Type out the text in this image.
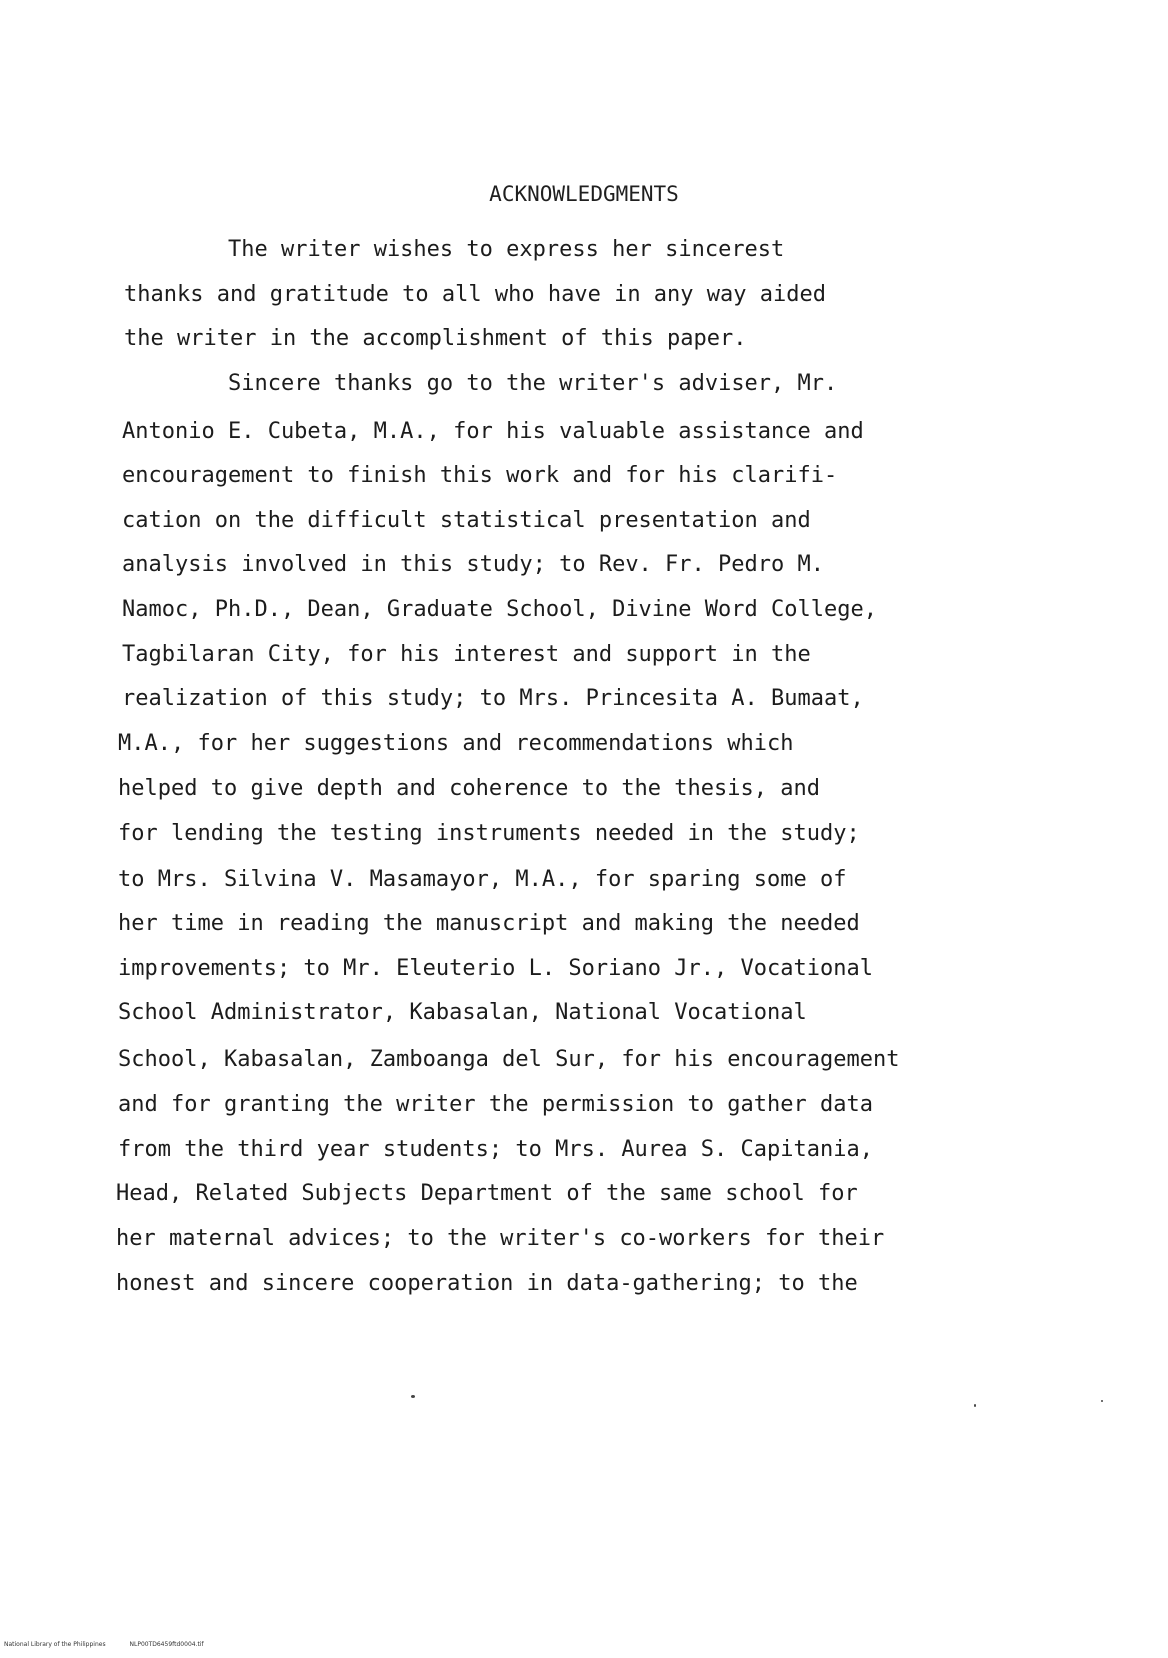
ACKNOWLEDGMENTS
The writer wishes to express her sincerest
thanks and gratitude to all who have in any way aided
the writer in the accomplishment of this paper.
Sincere thanks go to the writer's adviser, Mr.
Antonio E. Cubeta, M.A., for his valuable assistance and
encouragement to finish this work and for his clarifi-
cation on the difficult statistical presentation and
analysis involved in this study; to Rev. Fr. Pedro M.
Namoc, Ph.D., Dean, Graduate School, Divine Word College,
Tagbilaran City, for his interest and support in the
realization of this study; to Mrs. Princesita A. Bumaat,
M.A., for her suggestions and recommendations which
helped to give depth and coherence to the thesis, and
for lending the testing instruments needed in the study;
to Mrs. Silvina V. Masamayor, M.A., for sparing some of
her time in reading the manuscript and making the needed
improvements; to Mr. Eleuterio L. Soriano Jr., Vocational
School Administrator, Kabasalan, National Vocational
School, Kabasalan, Zamboanga del Sur, for his encouragement
and for granting the writer the permission to gather data
from the third year students; to Mrs. Aurea S. Capitania,
Head, Related Subjects Department of the same school for
her maternal advices; to the writer's co-workers for their
honest and sincere cooperation in data-gathering; to the
National Library of the Philippines	NLP00TD6459ftd0004.tif
